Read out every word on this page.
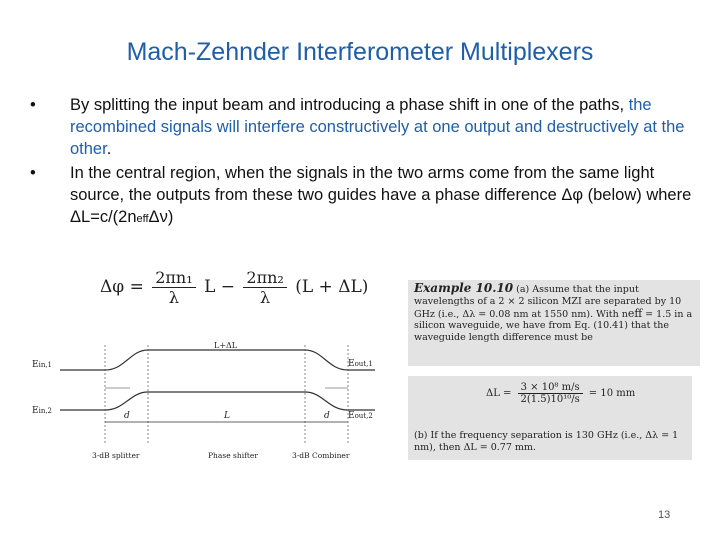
Mach-Zehnder Interferometer Multiplexers
• By splitting the input beam and introducing a phase shift in one of the paths, the recombined signals will interfere constructively at one output and destructively at the other.
• In the central region, when the signals in the two arms come from the same light source, the outputs from these two guides have a phase difference Δφ (below) where ΔL=c/(2neffΔν)
$\Delta\varphi = \frac{\text{2πn₁}}{\lambda}$ $L - \frac{\text{2πn₂}}{\lambda} (L + \Delta L)$
Ein,1
Ein,2
Eout,1
Eout,2
L+ΔL
d	L	d
3-dB splitter	Phase shifter	3-dB Combiner
Example 10.10 (a) Assume that the input wavelengths of a 2 × 2 silicon MZI are separated by 10 GHz (i.e., Δλ = 0.08 nm at 1550 nm). With neff = 1.5 in a silicon waveguide, we have from Eq. (10.41) that the waveguide length difference must be
$\Delta L = \frac{\text{3 × 10⁸ m/s}}{\text{2(1.5)10¹⁰/s}} = 10$ mm
(b) If the frequency separation is 130 GHz (i.e., Δλ = 1 nm), then ΔL = 0.77 mm.
13
